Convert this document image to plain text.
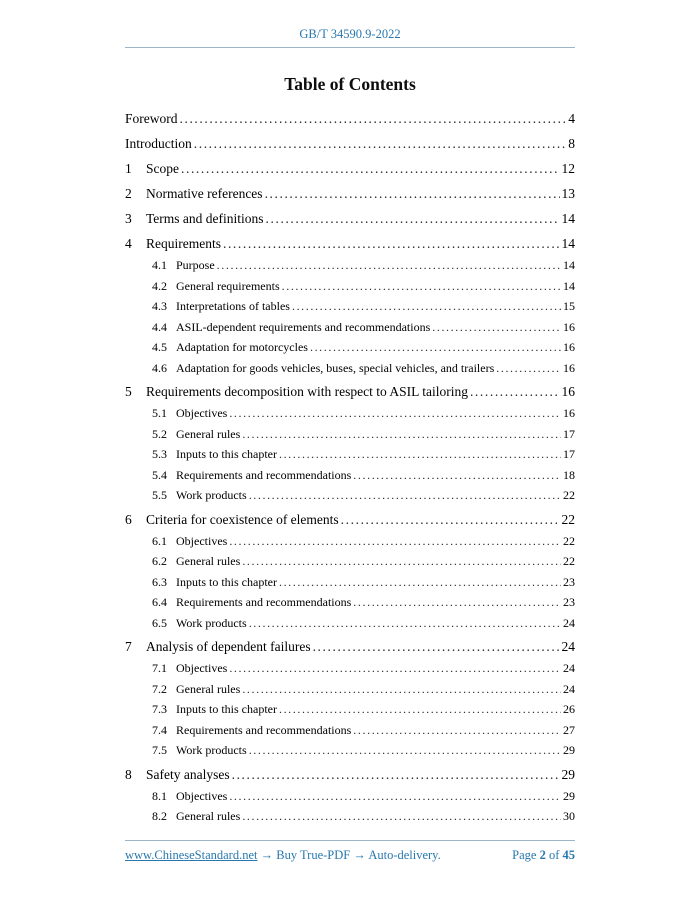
GB/T 34590.9-2022
Table of Contents
Foreword .....	4
Introduction .....	8
1 Scope .....	12
2 Normative references .....	13
3 Terms and definitions .....	14
4 Requirements .....	14
4.1 Purpose .....	14
4.2 General requirements .....	14
4.3 Interpretations of tables .....	15
4.4 ASIL-dependent requirements and recommendations .....	16
4.5 Adaptation for motorcycles .....	16
4.6 Adaptation for goods vehicles, buses, special vehicles, and trailers .....	16
5 Requirements decomposition with respect to ASIL tailoring .....	16
5.1 Objectives .....	16
5.2 General rules .....	17
5.3 Inputs to this chapter .....	17
5.4 Requirements and recommendations .....	18
5.5 Work products .....	22
6 Criteria for coexistence of elements .....	22
6.1 Objectives .....	22
6.2 General rules .....	22
6.3 Inputs to this chapter .....	23
6.4 Requirements and recommendations .....	23
6.5 Work products .....	24
7 Analysis of dependent failures .....	24
7.1 Objectives .....	24
7.2 General rules .....	24
7.3 Inputs to this chapter .....	26
7.4 Requirements and recommendations .....	27
7.5 Work products .....	29
8 Safety analyses .....	29
8.1 Objectives .....	29
8.2 General rules .....	30
www.ChineseStandard.net → Buy True-PDF → Auto-delivery.	Page 2 of 45
